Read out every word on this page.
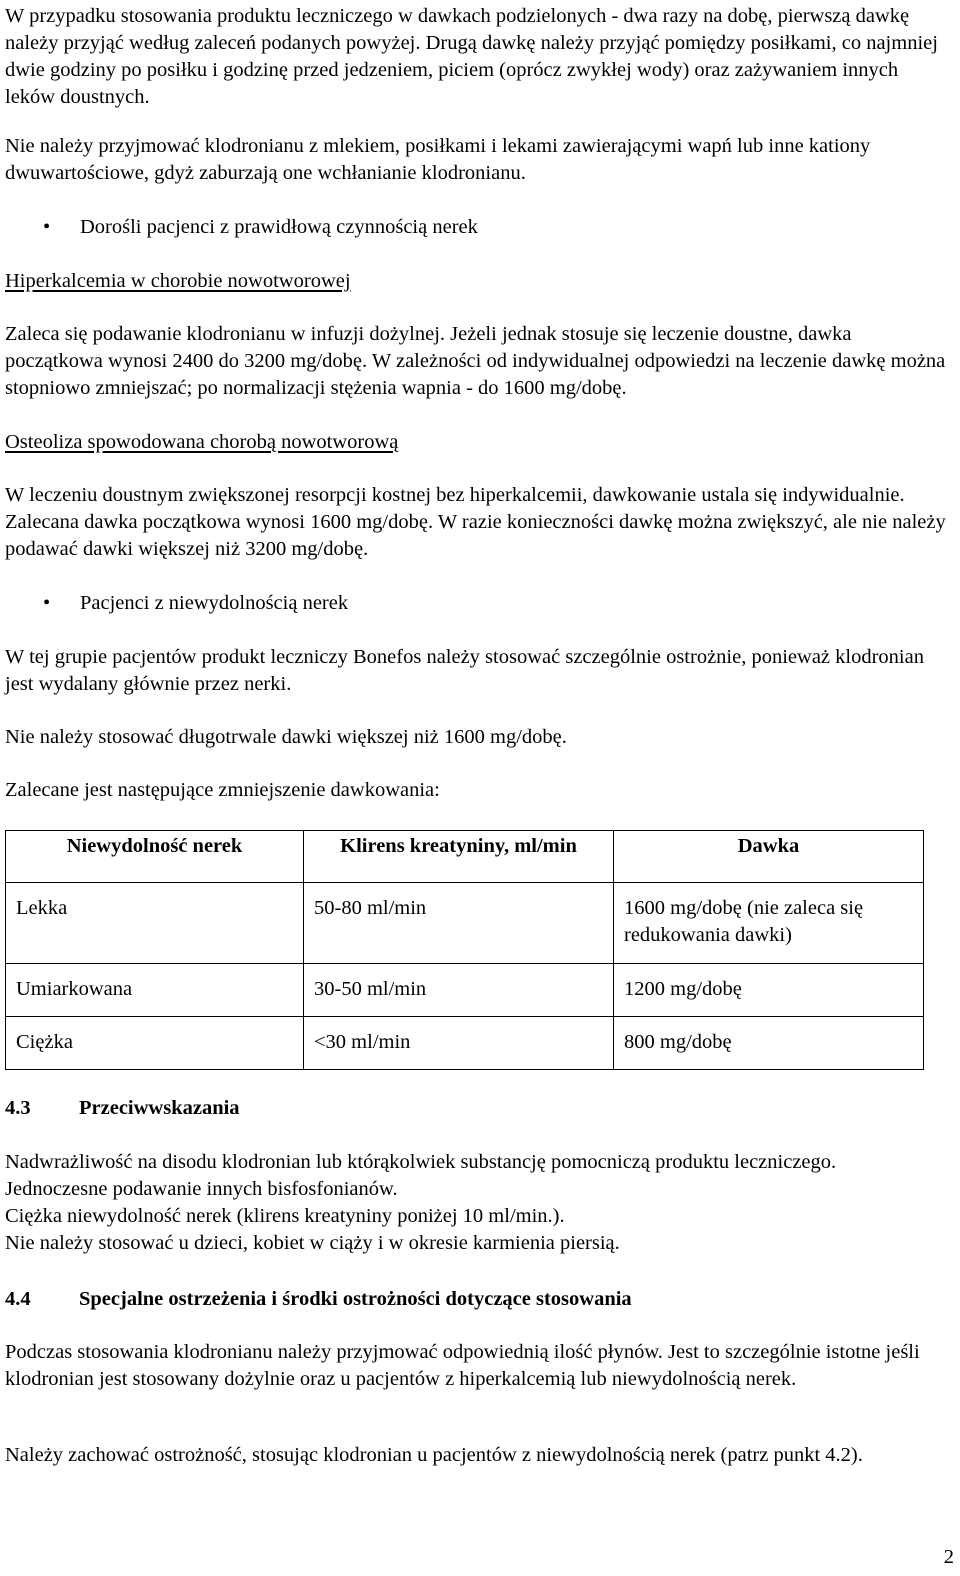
W przypadku stosowania produktu leczniczego w dawkach podzielonych - dwa razy na dobę, pierwszą dawkę należy przyjąć według zaleceń podanych powyżej. Drugą dawkę należy przyjąć pomiędzy posiłkami, co najmniej dwie godziny po posiłku i godzinę przed jedzeniem, piciem (oprócz zwykłej wody) oraz zażywaniem innych leków doustnych.

Nie należy przyjmować klodronianu z mlekiem, posiłkami i lekami zawierającymi wapń lub inne kationy dwuwartościowe, gdyż zaburzają one wchłanianie klodronianu.

• Dorośli pacjenci z prawidłową czynnością nerek

Hiperkalcemia w chorobie nowotworowej

Zaleca się podawanie klodronianu w infuzji dożylnej. Jeżeli jednak stosuje się leczenie doustne, dawka początkowa wynosi 2400 do 3200 mg/dobę. W zależności od indywidualnej odpowiedzi na leczenie dawkę można stopniowo zmniejszać; po normalizacji stężenia wapnia - do 1600 mg/dobę.

Osteoliza spowodowana chorobą nowotworową

W leczeniu doustnym zwiększonej resorpcji kostnej bez hiperkalcemii, dawkowanie ustala się indywidualnie. Zalecana dawka początkowa wynosi 1600 mg/dobę. W razie konieczności dawkę można zwiększyć, ale nie należy podawać dawki większej niż 3200 mg/dobę.

• Pacjenci z niewydolnością nerek

W tej grupie pacjentów produkt leczniczy Bonefos należy stosować szczególnie ostrożnie, ponieważ klodronian jest wydalany głównie przez nerki.

Nie należy stosować długotrwale dawki większej niż 1600 mg/dobę.

Zalecane jest następujące zmniejszenie dawkowania:

Niewydolność nerek	Klirens kreatyniny, ml/min	Dawka
Lekka	50-80 ml/min	1600 mg/dobę (nie zaleca się redukowania dawki)
Umiarkowana	30-50 ml/min	1200 mg/dobę
Ciężka	<30 ml/min	800 mg/dobę
4.3 Przeciwwskazania

Nadwrażliwość na disodu klodronian lub którąkolwiek substancję pomocniczą produktu leczniczego.

Jednoczesne podawanie innych bisfosfonianów.

Ciężka niewydolność nerek (klirens kreatyniny poniżej 10 ml/min.).

Nie należy stosować u dzieci, kobiet w ciąży i w okresie karmienia piersią.

4.4 Specjalne ostrzeżenia i środki ostrożności dotyczące stosowania

Podczas stosowania klodronianu należy przyjmować odpowiednią ilość płynów. Jest to szczególnie istotne jeśli klodronian jest stosowany dożylnie oraz u pacjentów z hiperkalcemią lub niewydolnością nerek.

Należy zachować ostrożność, stosując klodronian u pacjentów z niewydolnością nerek (patrz punkt 4.2).

2
